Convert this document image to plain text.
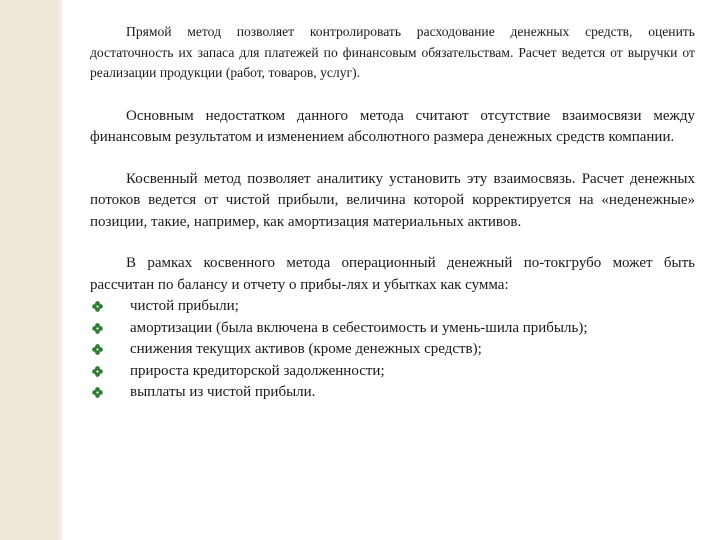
Прямой метод позволяет контролировать расходование денежных средств, оценить достаточность их запаса для платежей по финансовым обязательствам. Расчет ведется от выручки от реализации продукции (работ, товаров, услуг).

Основным недостатком данного метода считают отсутствие взаимосвязи между финансовым результатом и изменением абсолютного размера денежных средств компании.

Косвенный метод позволяет аналитику установить эту взаимосвязь. Расчет денежных потоков ведется от чистой прибыли, величина которой корректируется на «неденежные» позиции, такие, например, как амортизация материальных активов.

В рамках косвенного метода операционный денежный по-токгрубо может быть рассчитан по балансу и отчету о прибы-лях и убытках как сумма:

чистой прибыли;
амортизации (была включена в себестоимость и умень-шила прибыль);
снижения текущих активов (кроме денежных средств);
прироста кредиторской задолженности;
выплаты из чистой прибыли.
